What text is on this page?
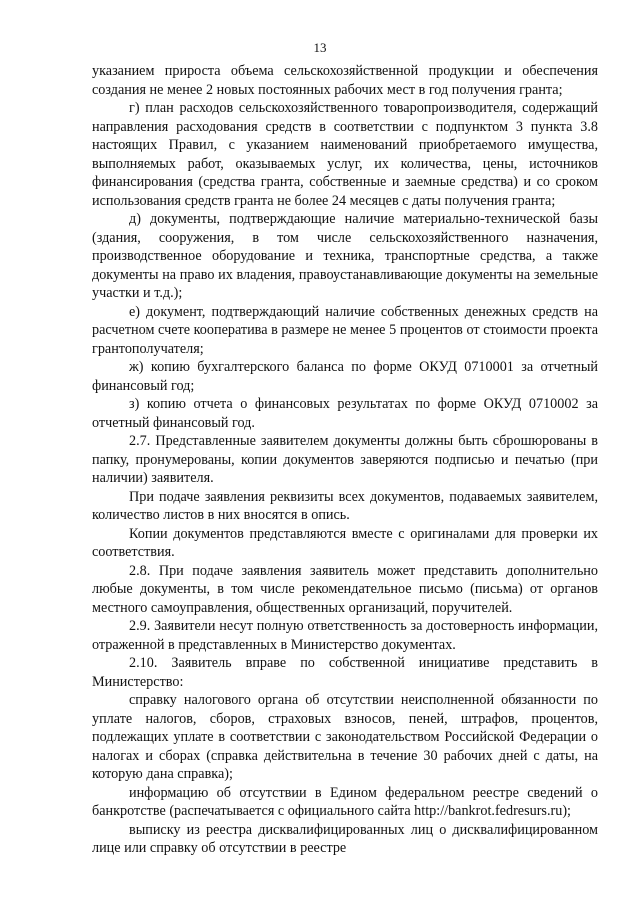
13

указанием прироста объема сельскохозяйственной продукции и обеспечения создания не менее 2 новых постоянных рабочих мест в год получения гранта;

г) план расходов сельскохозяйственного товаропроизводителя, содержащий направления расходования средств в соответствии с подпунктом 3 пункта 3.8 настоящих Правил, с указанием наименований приобретаемого имущества, выполняемых работ, оказываемых услуг, их количества, цены, источников финансирования (средства гранта, собственные и заемные средства) и со сроком использования средств гранта не более 24 месяцев с даты получения гранта;

д) документы, подтверждающие наличие материально-технической базы (здания, сооружения, в том числе сельскохозяйственного назначения, производственное оборудование и техника, транспортные средства, а также документы на право их владения, правоустанавливающие документы на земельные участки и т.д.);

е) документ, подтверждающий наличие собственных денежных средств на расчетном счете кооператива в размере не менее 5 процентов от стоимости проекта грантополучателя;

ж) копию бухгалтерского баланса по форме ОКУД 0710001 за отчетный финансовый год;

з) копию отчета о финансовых результатах по форме ОКУД 0710002 за отчетный финансовый год.

2.7. Представленные заявителем документы должны быть сброшюрованы в папку, пронумерованы, копии документов заверяются подписью и печатью (при наличии) заявителя.

При подаче заявления реквизиты всех документов, подаваемых заявителем, количество листов в них вносятся в опись.

Копии документов представляются вместе с оригиналами для проверки их соответствия.

2.8. При подаче заявления заявитель может представить дополнительно любые документы, в том числе рекомендательное письмо (письма) от органов местного самоуправления, общественных организаций, поручителей.

2.9. Заявители несут полную ответственность за достоверность информации, отраженной в представленных в Министерство документах.

2.10. Заявитель вправе по собственной инициативе представить в Министерство:

справку налогового органа об отсутствии неисполненной обязанности по уплате налогов, сборов, страховых взносов, пеней, штрафов, процентов, подлежащих уплате в соответствии с законодательством Российской Федерации о налогах и сборах (справка действительна в течение 30 рабочих дней с даты, на которую дана справка);

информацию об отсутствии в Едином федеральном реестре сведений о банкротстве (распечатывается с официального сайта http://bankrot.fedresurs.ru);

выписку из реестра дисквалифицированных лиц о дисквалифицированном лице или справку об отсутствии в реестре
